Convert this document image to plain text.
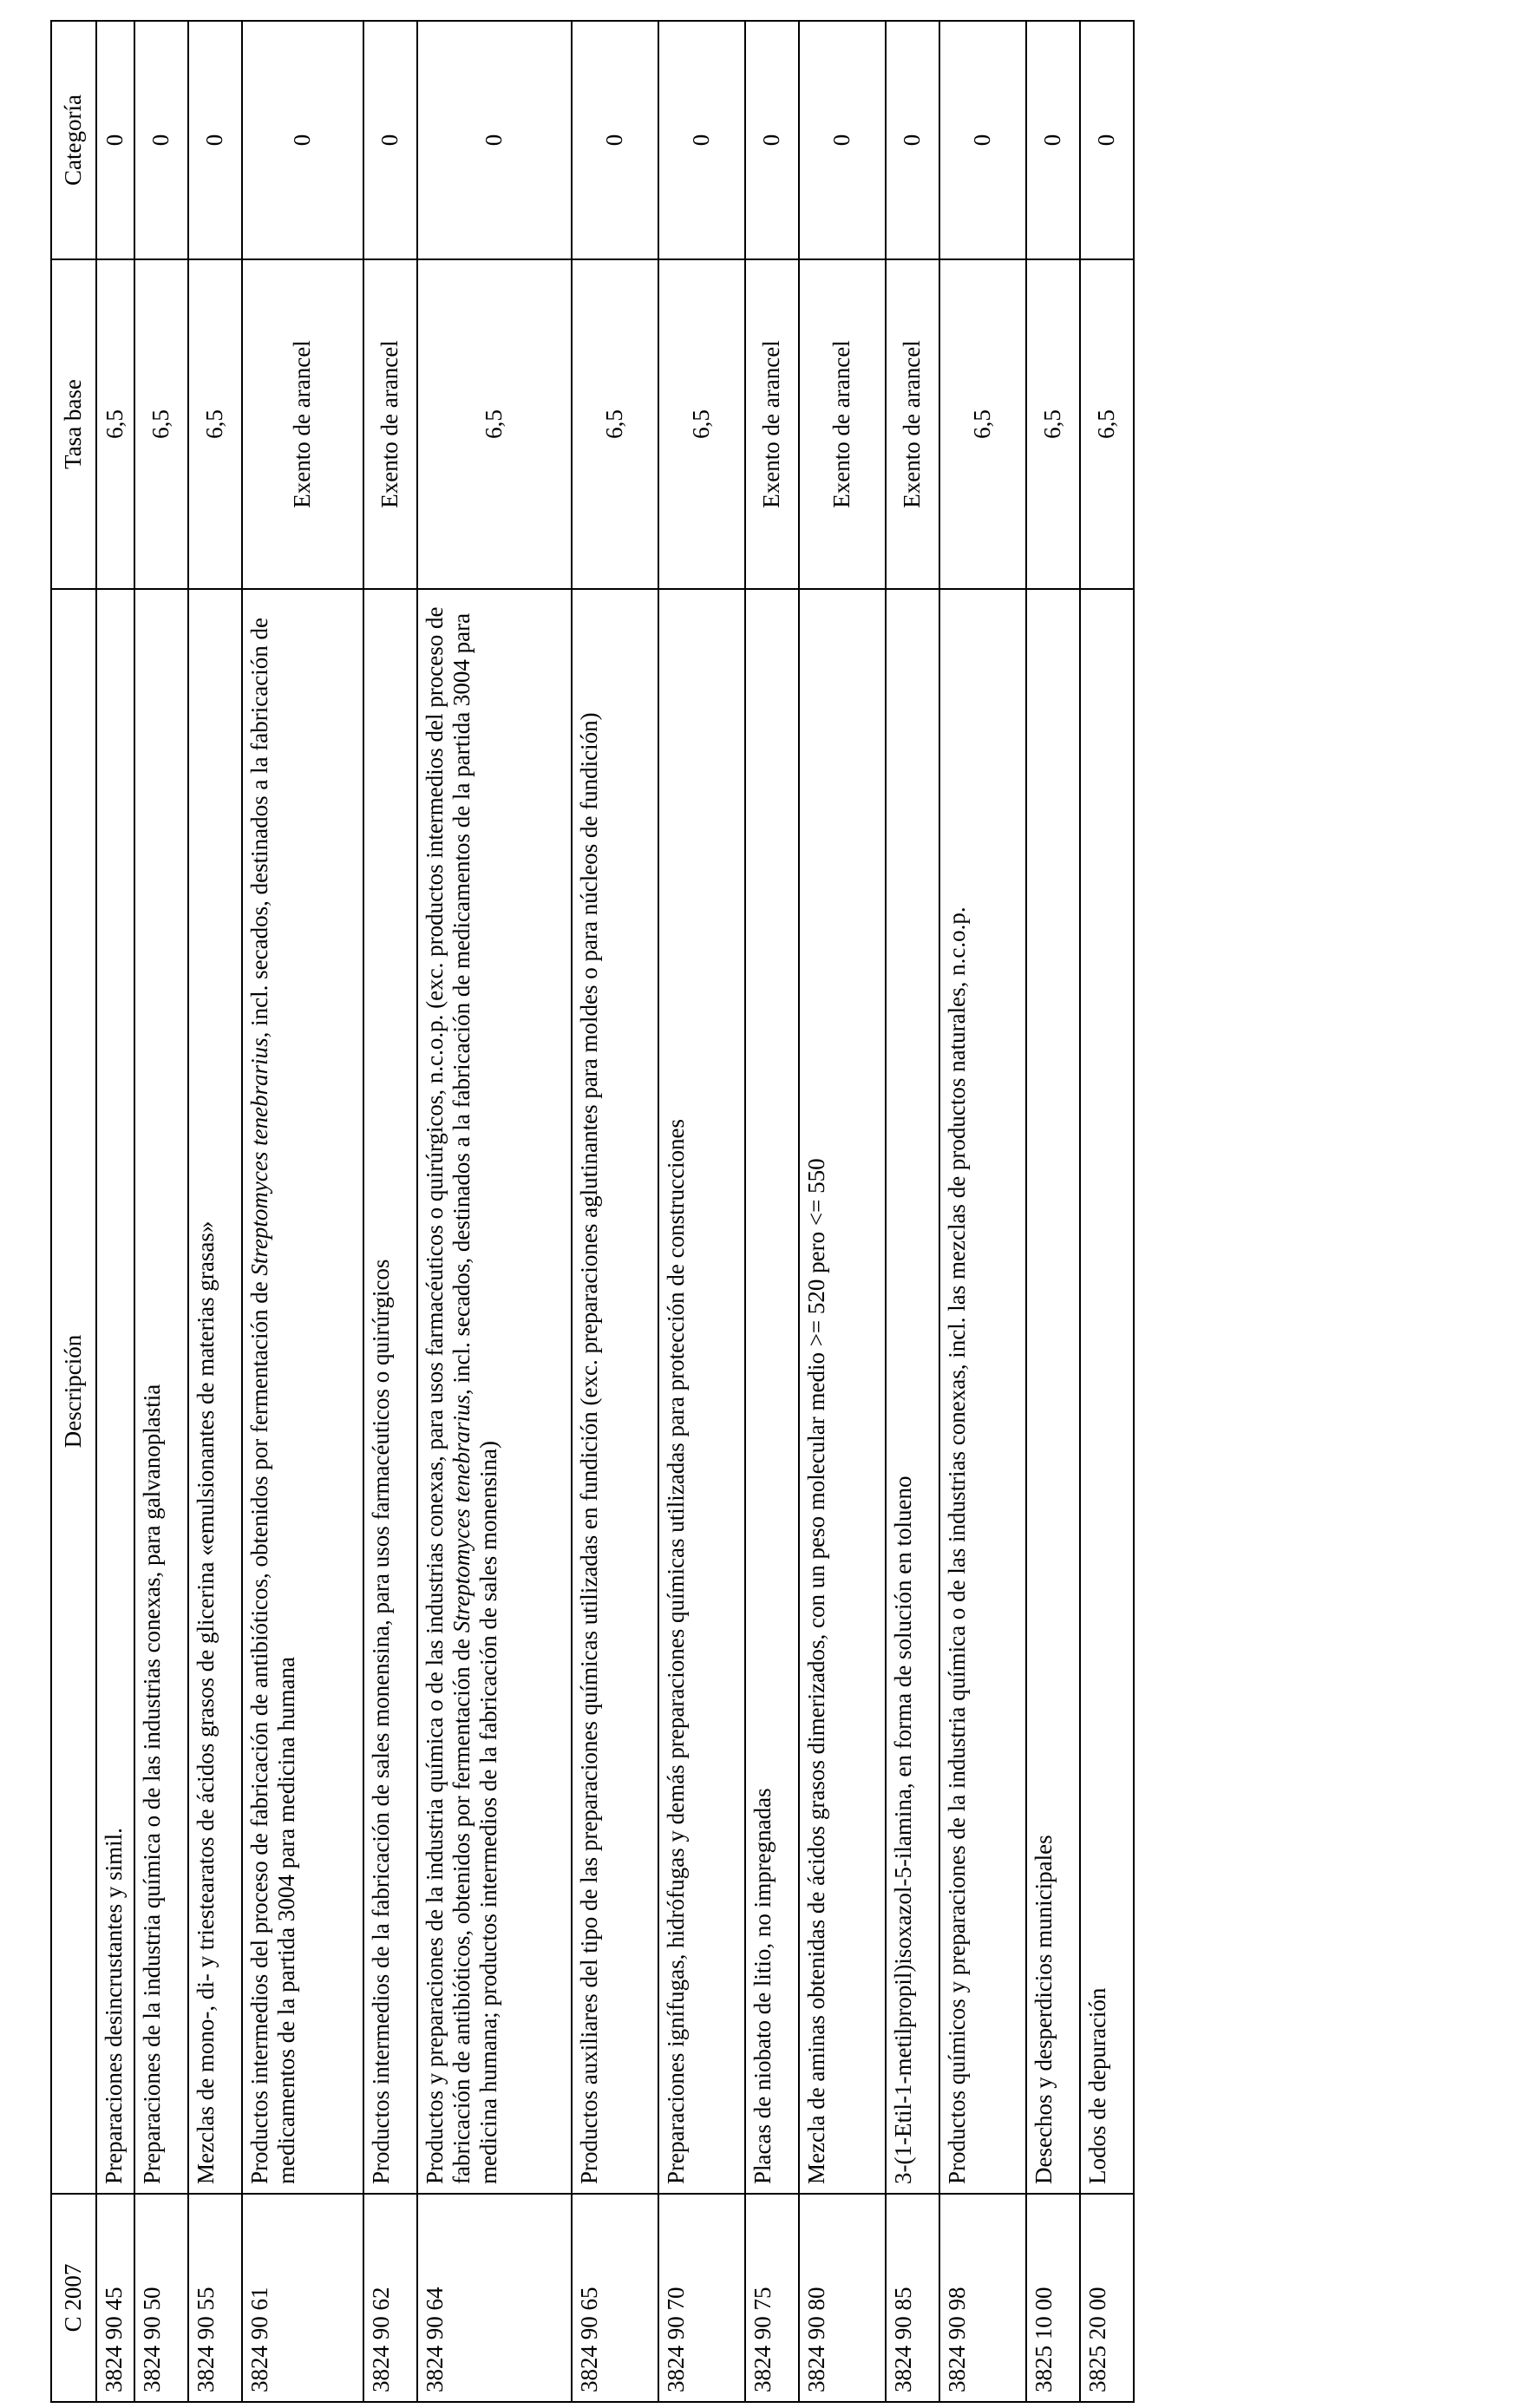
C 2007	Descripción	Tasa base	Categoría
3824 90 45	Preparaciones desincrustantes y simil.	6,5	0
3824 90 50	Preparaciones de la industria química o de las industrias conexas, para galvanoplastia	6,5	0
3824 90 55	Mezclas de mono-, di- y triestearatos de ácidos grasos de glicerina «emulsionantes de materias grasas»	6,5	0
3824 90 61	Productos intermedios del proceso de fabricación de antibióticos, obtenidos por fermentación de Streptomyces tenebrarius, incl. secados, destinados a la fabricación de medicamentos de la partida 3004 para medicina humana	Exento de arancel	0
3824 90 62	Productos intermedios de la fabricación de sales monensina, para usos farmacéuticos o quirúrgicos	Exento de arancel	0
3824 90 64	Productos y preparaciones de la industria química o de las industrias conexas, para usos farmacéuticos o quirúrgicos, n.c.o.p. (exc. productos intermedios del proceso de fabricación de antibióticos, obtenidos por fermentación de Streptomyces tenebrarius, incl. secados, destinados a la fabricación de medicamentos de la partida 3004 para medicina humana; productos intermedios de la fabricación de sales monensina)	6,5	0
3824 90 65	Productos auxiliares del tipo de las preparaciones químicas utilizadas en fundición (exc. preparaciones aglutinantes para moldes o para núcleos de fundición)	6,5	0
3824 90 70	Preparaciones ignífugas, hidrófugas y demás preparaciones químicas utilizadas para protección de construcciones	6,5	0
3824 90 75	Placas de niobato de litio, no impregnadas	Exento de arancel	0
3824 90 80	Mezcla de aminas obtenidas de ácidos grasos dimerizados, con un peso molecular medio >= 520 pero <= 550	Exento de arancel	0
3824 90 85	3-(1-Etil-1-metilpropil)isoxazol-5-ilamina, en forma de solución en tolueno	Exento de arancel	0
3824 90 98	Productos químicos y preparaciones de la industria química o de las industrias conexas, incl. las mezclas de productos naturales, n.c.o.p.	6,5	0
3825 10 00	Desechos y desperdicios municipales	6,5	0
3825 20 00	Lodos de depuración	6,5	0
